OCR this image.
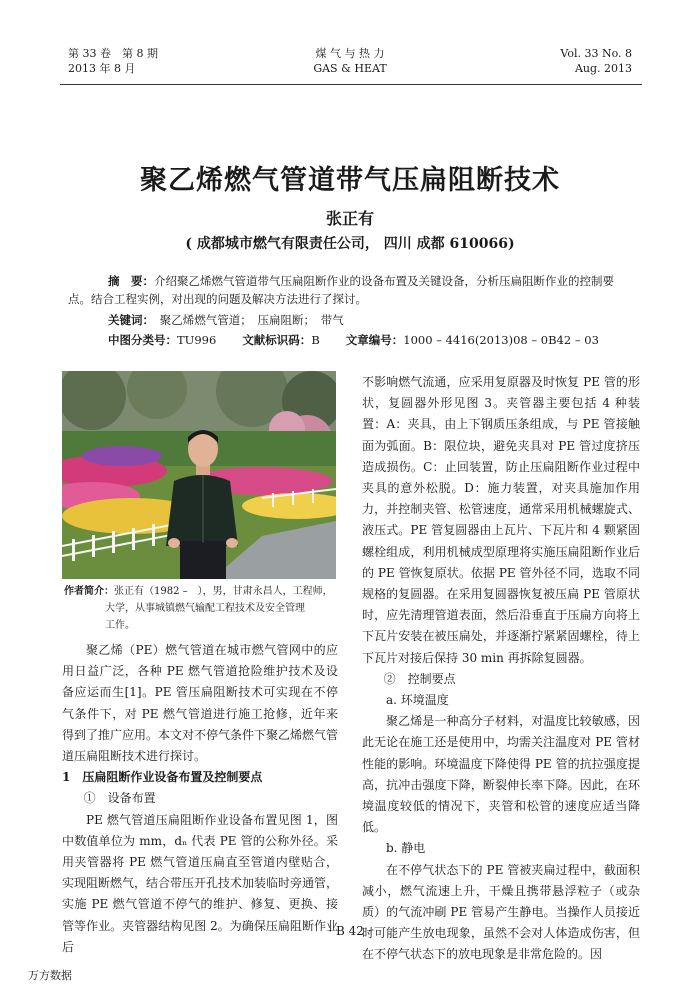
第 33 卷　第 8 期
2013 年 8 月
煤 气 与 热 力
GAS & HEAT
Vol. 33 No. 8
Aug. 2013
聚乙烯燃气管道带气压扁阻断技术
张正有
( 成都城市燃气有限责任公司， 四川 成都 610066)
摘　要：介绍聚乙烯燃气管道带气压扁阻断作业的设备布置及关键设备，分析压扁阻断作业的控制要点。结合工程实例，对出现的问题及解决方法进行了探讨。
关键词：　 聚乙烯燃气管道；　压扁阻断；　带气
中图分类号：TU996 文献标识码：B 文章编号：1000 – 4416(2013)08 – 0B42 – 03
作者简介：张正有（1982 –　），男，甘肃永昌人，工程师，
大学，从事城镇燃气输配工程技术及安全管理
工作。

聚乙烯（PE）燃气管道在城市燃气管网中的应用日益广泛，各种 PE 燃气管道抢险维护技术及设备应运而生[1]。PE 管压扁阻断技术可实现在不停气条件下，对 PE 燃气管道进行施工抢修，近年来得到了推广应用。本文对不停气条件下聚乙烯燃气管道压扁阻断技术进行探讨。

1　压扁阻断作业设备布置及控制要点

①　设备布置

PE 燃气管道压扁阻断作业设备布置见图 1，图中数值单位为 mm，dₙ 代表 PE 管的公称外径。采用夹管器将 PE 燃气管道压扁直至管道内壁贴合，实现阻断燃气，结合带压开孔技术加装临时旁通管，实施 PE 燃气管道不停气的维护、修复、更换、接管等作业。夹管器结构见图 2。为确保压扁阻断作业后

不影响燃气流通，应采用复原器及时恢复 PE 管的形状，复圆器外形见图 3。夹管器主要包括 4 种装置：A：夹具，由上下钢质压条组成，与 PE 管接触面为弧面。B：限位块，避免夹具对 PE 管过度挤压造成损伤。C：止回装置，防止压扁阻断作业过程中夹具的意外松脱。D：施力装置，对夹具施加作用力，并控制夹管、松管速度，通常采用机械螺旋式、液压式。PE 管复圆器由上瓦片、下瓦片和 4 颗紧固螺栓组成，利用机械成型原理将实施压扁阻断作业后的 PE 管恢复原状。依据 PE 管外径不同，选取不同规格的复圆器。在采用复圆器恢复被压扁 PE 管原状时，应先清理管道表面，然后沿垂直于压扁方向将上下瓦片安装在被压扁处，并逐渐拧紧紧固螺栓，待上下瓦片对接后保持 30 min 再拆除复圆器。

②　控制要点

a. 环境温度

聚乙烯是一种高分子材料，对温度比较敏感，因此无论在施工还是使用中，均需关注温度对 PE 管材性能的影响。环境温度下降使得 PE 管的抗拉强度提高，抗冲击强度下降，断裂伸长率下降。因此，在环境温度较低的情况下，夹管和松管的速度应适当降低。

b. 静电

在不停气状态下的 PE 管被夹扁过程中，截面积减小，燃气流速上升，干燥且携带悬浮粒子（或杂质）的气流冲刷 PE 管易产生静电。当操作人员接近时可能产生放电现象，虽然不会对人体造成伤害，但在不停气状态下的放电现象是非常危险的。因

· B 42 ·
万方数据
